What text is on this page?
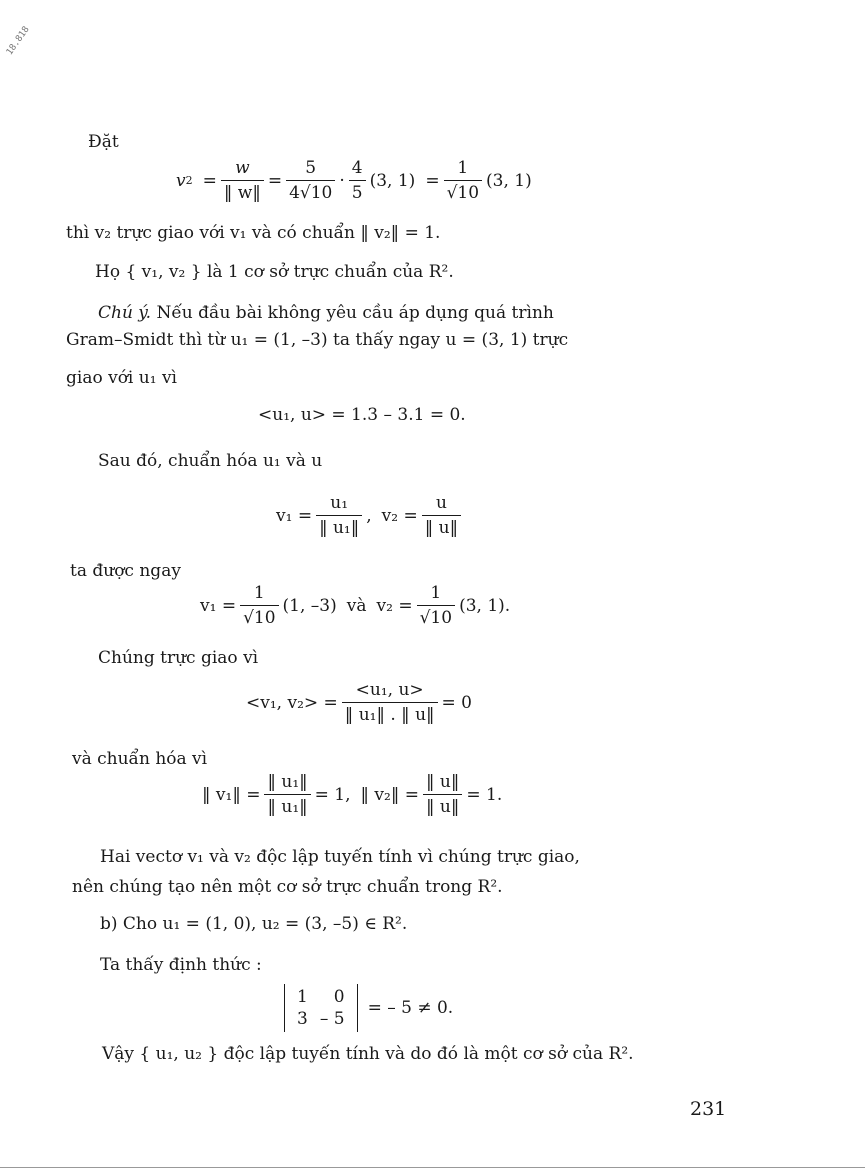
18.818
Đặt
v $2 = \frac{w}{‖ w‖} = \frac{5}{4√10} \cdot \frac{4}{5} (3$, $1) = \frac{1}{√10} (3$, 1)
thì v₂ trực giao với v₁ và có chuẩn ‖ v₂‖ = 1.
Họ { v₁, v₂ } là 1 cơ sở trực chuẩn của R².
Chú ý. Nếu đầu bài không yêu cầu áp dụng quá trình
Gram–Smidt thì từ u₁ = (1, –3) ta thấy ngay u = (3, 1) trực
giao với u₁ vì
<u₁, u> = 1.3 – 3.1 = 0.
Sau đó, chuẩn hóa u₁ và u
$v_1 = \frac{\text{u₁}}{\text{‖ u₁‖}}$ , $v_2 = \frac{u}{‖ u‖}$
ta được ngay
$v_1 = \frac{1}{√10} (1$, –3) và $v_2 = \frac{1}{√10} (3$, 1).
Chúng trực giao vì
<v₁, $v_2> = \frac{\text{<u₁, u>}}{\text{‖ u₁‖ . ‖ u‖}} = 0$
và chuẩn hóa vì
‖ v₁‖ = $\frac{\text{‖ u₁‖}}{\text{‖ u₁‖}} = 1$, ‖ v₂‖ = $\frac{‖ u‖}{‖ u‖} = 1$.
Hai vectơ v₁ và v₂ độc lập tuyến tính vì chúng trực giao,
nên chúng tạo nên một cơ sở trực chuẩn trong R².
b) Cho u₁ = (1, 0), u₂ = (3, –5) ∈ R².
Ta thấy định thức :
1	0
3	– 5
= – 5 ≠ 0.
Vậy { u₁, u₂ } độc lập tuyến tính và do đó là một cơ sở của R².
231
